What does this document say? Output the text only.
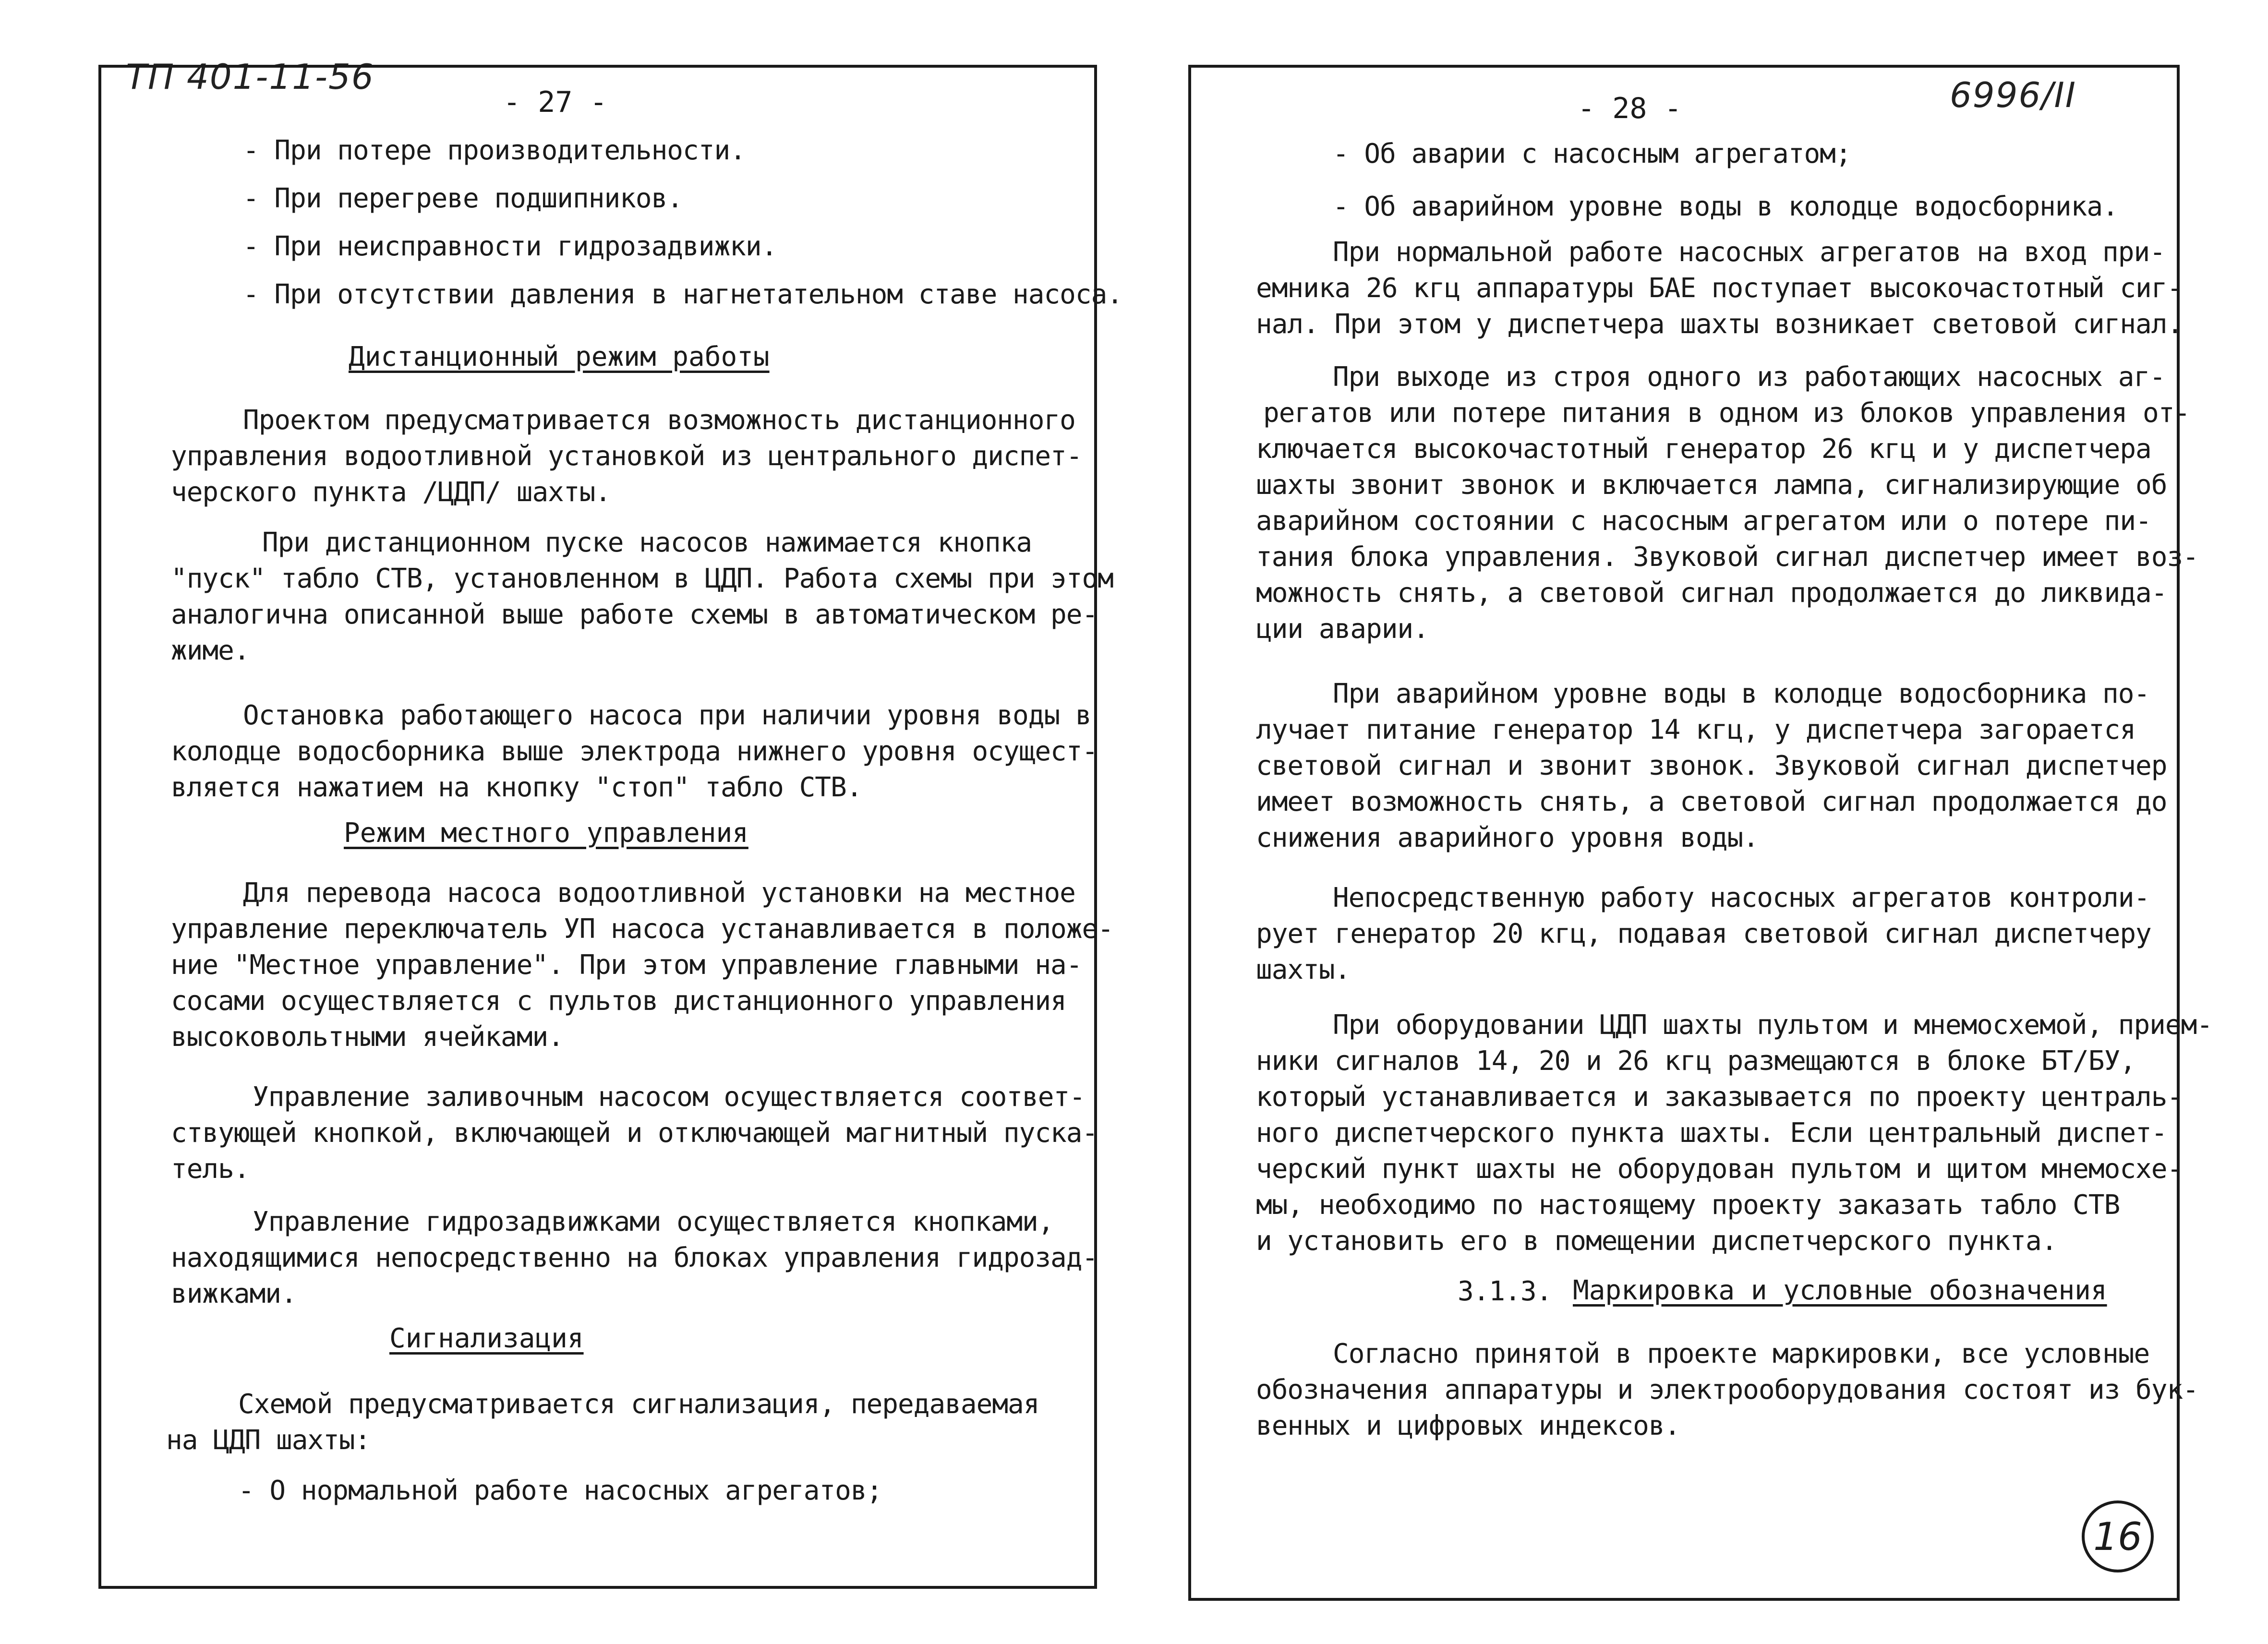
ТП 401-11-56
- 27 -
- При потере производительности.
- При перегреве подшипников.
- При неисправности гидрозадвижки.
- При отсутствии давления в нагнетательном ставе насоса.
Дистанционный режим работы
Проектом предусматривается возможность дистанционного
управления водоотливной установкой из центрального диспет-
черского пункта /ЦДП/ шахты.
При дистанционном пуске насосов нажимается кнопка
"пуск" табло СТВ, установленном в ЦДП. Работа схемы при этом
аналогична описанной выше работе схемы в автоматическом ре-
жиме.
Остановка работающего насоса при наличии уровня воды в
колодце водосборника выше электрода нижнего уровня осущест-
вляется нажатием на кнопку "стоп" табло СТВ.
Режим местного управления
Для перевода насоса водоотливной установки на местное
управление переключатель УП насоса устанавливается в положе-
ние "Местное управление". При этом управление главными на-
сосами осуществляется с пультов дистанционного управления
высоковольтными ячейками.
Управление заливочным насосом осуществляется соответ-
ствующей кнопкой, включающей и отключающей магнитный пуска-
тель.
Управление гидрозадвижками осуществляется кнопками,
находящимися непосредственно на блоках управления гидрозад-
вижками.
Сигнализация
Схемой предусматривается сигнализация, передаваемая
на ЦДП шахты:
- О нормальной работе насосных агрегатов;
- 28 -	6996/II
- Об аварии с насосным агрегатом;
- Об аварийном уровне воды в колодце водосборника.
При нормальной работе насосных агрегатов на вход при-
емника 26 кгц аппаратуры БАЕ поступает высокочастотный сиг-
нал. При этом у диспетчера шахты возникает световой сигнал.
При выходе из строя одного из работающих насосных аг-
регатов или потере питания в одном из блоков управления от-
ключается высокочастотный генератор 26 кгц и у диспетчера
шахты звонит звонок и включается лампа, сигнализирующие об
аварийном состоянии с насосным агрегатом или о потере пи-
тания блока управления. Звуковой сигнал диспетчер имеет воз-
можность снять, а световой сигнал продолжается до ликвида-
ции аварии.
При аварийном уровне воды в колодце водосборника по-
лучает питание генератор 14 кгц, у диспетчера загорается
световой сигнал и звонит звонок. Звуковой сигнал диспетчер
имеет возможность снять, а световой сигнал продолжается до
снижения аварийного уровня воды.
Непосредственную работу насосных агрегатов контроли-
рует генератор 20 кгц, подавая световой сигнал диспетчеру
шахты.
При оборудовании ЦДП шахты пультом и мнемосхемой, прием-
ники сигналов 14, 20 и 26 кгц размещаются в блоке БТ/БУ,
который устанавливается и заказывается по проекту централь-
ного диспетчерского пункта шахты. Если центральный диспет-
черский пункт шахты не оборудован пультом и щитом мнемосхе-
мы, необходимо по настоящему проекту заказать табло СТВ
и установить его в помещении диспетчерского пункта.
3.1.3. Маркировка и условные обозначения
Согласно принятой в проекте маркировки, все условные
обозначения аппаратуры и электрооборудования состоят из бук-
венных и цифровых индексов.
16
